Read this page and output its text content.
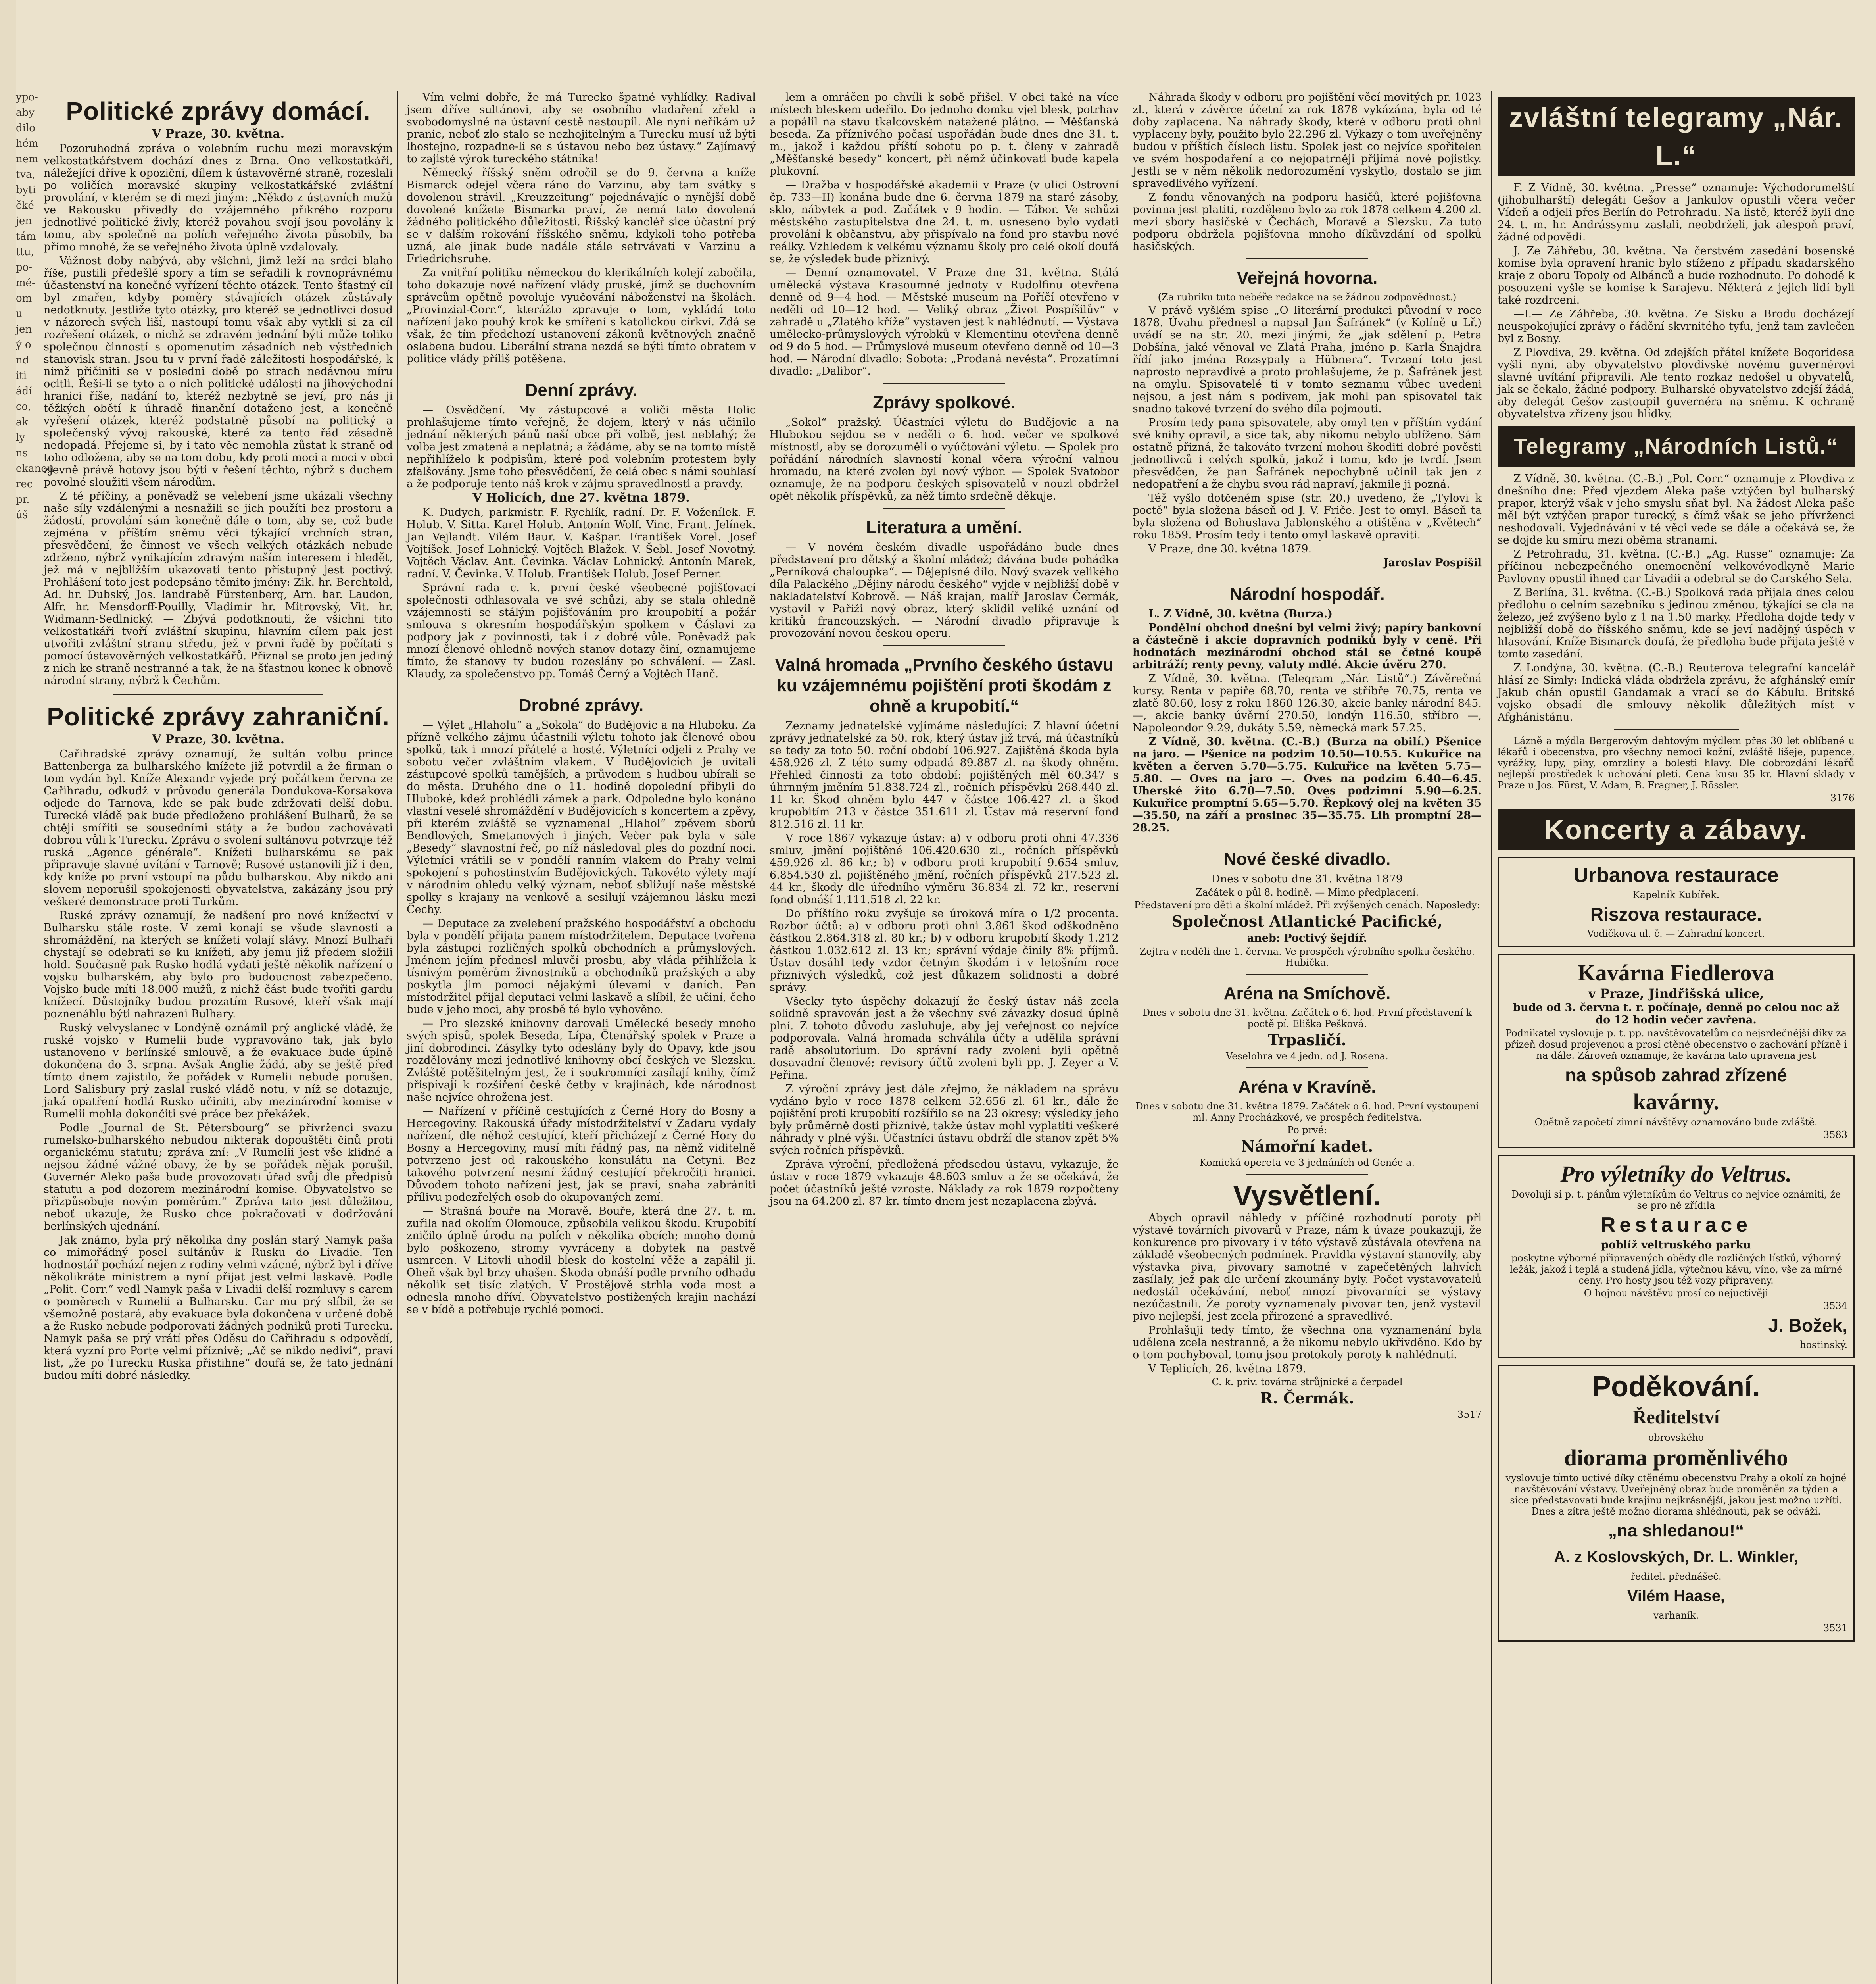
ypo-
aby
dilo
hém
nem
tva,
byti
čké
jen
tám
ttu,
po-
mé-
om
u
jen
ý o
nd
iti
ádí
co,
ak
ly
ns
ekanou
rec
pr.
úš
Politické zprávy domácí.
V Praze, 30. května.

Pozoruhodná zpráva o volebním ruchu mezi moravským velkostatkářstvem dochází dnes z Brna. Ono velkostatkáři, náležející dříve k opoziční, dílem k ústavověrné straně, rozeslali po voličích moravské skupiny velkostatkářské zvláštní provolání, v kterém se di mezi jiným: „Někdo z ústavních mužů ve Rakousku přivedly do vzájemného přikrého rozporu jednotlivé politické živly, kteréž povahou svojí jsou povolány k tomu, aby společně na polích veřejného života působily, ba přímo mnohé, že se veřejného života úplně vzdalovaly.

Vážnost doby nabývá, aby všichni, jimž leží na srdci blaho říše, pustili předešlé spory a tím se seřadili k rovnoprávnému účastenství na konečné vyřízení těchto otázek. Tento šťastný cíl byl zmařen, kdyby poměry stávajících otázek zůstávaly nedotknuty. Jestliže tyto otázky, pro kteréž se jednotlivci dosud v názorech svých liší, nastoupí tomu však aby vytkli si za cíl rozřešení otázek, o nichž se zdravém jednání býti může toliko společnou činností s opomenutím zásadních neb výstředních stanovisk stran. Jsou tu v první řadě záležitosti hospodářské, k nimž přičiniti se v posledni době po strach nedávnou míru ocitli. Řeší-li se tyto a o nich politické události na jihovýchodní hranici říše, nadání to, kteréž nezbytně se jeví, pro nás ji těžkých obětí k úhradě finanční dotaženo jest, a konečně vyřešení otázek, kteréž podstatně působí na politický a společenský vývoj rakouské, které za tento řád zásadně nedopadá. Přejeme si, by i tato věc nemohla zůstat k straně od toho odložena, aby se na tom dobu, kdy proti moci a moci v obci zjevně právě hotovy jsou býti v řešení těchto, nýbrž s duchem povolné sloužiti všem národům.

Z té příčiny, a poněvadž se velebení jsme ukázali všechny naše síly vzdálenými a nesnažili se jich použíti bez prostoru a žádostí, provolání sám konečně dále o tom, aby se, což bude zejména v příštím sněmu věci týkající vrchních stran, přesvědčení, že činnost ve všech velkých otázkách nebude zdrženo, nýbrž vynikajícím zdravým naším interesem i hledět, jež má v nejbližším ukazovati tento přístupný jest poctivý. Prohlášení toto jest podepsáno těmito jmény: Zik. hr. Berchtold, Ad. hr. Dubský, Jos. landrabě Fürstenberg, Arn. bar. Laudon, Alfr. hr. Mensdorff-Pouilly, Vladimír hr. Mitrovský, Vit. hr. Widmann-Sedlnický. — Zbývá podotknouti, že všichni tito velkostatkáři tvoří zvláštní skupinu, hlavním cílem pak jest utvořiti zvláštní stranu středu, jež v prvni řadě by počítati s pomocí ústavověrných velkostatkářů. Přiznal se proto jen jediný z nich ke straně nestranné a tak, že na šťastnou konec k obnově národní strany, nýbrž k Čechům.

Politické zprávy zahraniční.
V Praze, 30. května.

Cařihradské zprávy oznamují, že sultán volbu prince Battenberga za bulharského knížete již potvrdil a že firman o tom vydán byl. Kníže Alexandr vyjede prý počátkem června ze Cařihradu, odkudž v průvodu generála Dondukova-Korsakova odjede do Tarnova, kde se pak bude zdržovati delší dobu. Turecké vládě pak bude předloženo prohlášení Bulharů, že se chtějí smířiti se sousedními státy a že budou zachovávati dobrou vůli k Turecku. Zprávu o svolení sultánovu potvrzuje též ruská „Agence générale“. Knížeti bulharskému se pak připravuje slavné uvítání v Tarnově; Rusové ustanovili již i den, kdy kníže po první vstoupí na půdu bulharskou. Aby nikdo ani slovem neporušil spokojenosti obyvatelstva, zakázány jsou prý veškeré demonstrace proti Turkům.

Ruské zprávy oznamují, že nadšení pro nové knížectví v Bulharsku stále roste. V zemi konají se všude slavnosti a shromáždění, na kterých se knížeti volají slávy. Mnozí Bulhaři chystají se odebrati se ku knížeti, aby jemu již předem složili hold. Současně pak Rusko hodlá vydati ještě několik nařízení o vojsku bulharském, aby bylo pro budoucnost zabezpečeno. Vojsko bude míti 18.000 mužů, z nichž část bude tvořiti gardu knížecí. Důstojníky budou prozatím Rusové, kteří však mají poznenáhlu býti nahrazeni Bulhary.

Ruský velvyslanec v Londýně oznámil prý anglické vládě, že ruské vojsko v Rumelii bude vypravováno tak, jak bylo ustanoveno v berlínské smlouvě, a že evakuace bude úplně dokončena do 3. srpna. Avšak Anglie žádá, aby se ještě před tímto dnem zajistilo, že pořádek v Rumelii nebude porušen. Lord Salisbury prý zaslal ruské vládě notu, v níž se dotazuje, jaká opatření hodlá Rusko učiniti, aby mezinárodní komise v Rumelii mohla dokončiti své práce bez překážek.

Podle „Journal de St. Pétersbourg“ se přívrženci svazu rumelsko-bulharského nebudou nikterak dopouštěti činů proti organickému statutu; zpráva zní: „V Rumelii jest vše klidné a nejsou žádné vážné obavy, že by se pořádek nějak porušil. Guvernér Aleko paša bude provozovati úřad svůj dle předpisů statutu a pod dozorem mezinárodní komise. Obyvatelstvo se přizpůsobuje novým poměrům.“ Zpráva tato jest důležitou, neboť ukazuje, že Rusko chce pokračovati v dodržování berlínských ujednání.

Jak známo, byla prý několika dny poslán starý Namyk paša co mimořádný posel sultánův k Rusku do Livadie. Ten hodnostář pochází nejen z rodiny velmi vzácné, nýbrž byl i dříve několikráte ministrem a nyní přijat jest velmi laskavě. Podle „Polit. Corr.“ vedl Namyk paša v Livadii delší rozmluvy s carem o poměrech v Rumelii a Bulharsku. Car mu prý slíbil, že se všemožně postará, aby evakuace byla dokončena v určené době a že Rusko nebude podporovati žádných podniků proti Turecku. Namyk paša se prý vrátí přes Oděsu do Cařihradu s odpovědí, která vyzní pro Porte velmi příznivě; „Ač se nikdo nedivi“, praví list, „že po Turecku Ruska přistihne“ doufá se, že tato jednání budou míti dobré následky.

Vím velmi dobře, že má Turecko špatné vyhlídky. Radival jsem dříve sultánovi, aby se osobního vladaření zřekl a svobodomyslné na ústavní cestě nastoupil. Ale nyní neříkám už pranic, neboť zlo stalo se nezhojitelným a Turecku musí už býti lhostejno, rozpadne-li se s ústavou nebo bez ústavy.“ Zajímavý to zajisté výrok tureckého státníka!

Německý říšský sněm odročil se do 9. června a kníže Bismarck odejel včera ráno do Varzinu, aby tam svátky s dovolenou strávil. „Kreuzzeitung“ pojednávajíc o nynější době dovolené knížete Bismarka praví, že nemá tato dovolená žádného politického důležitosti. Říšský kancléř sice účastní prý se v dalším rokování říšského sněmu, kdykoli toho potřeba uzná, ale jinak bude nadále stále setrvávati v Varzinu a Friedrichsruhe.

Za vnitřní politiku německou do klerikálních kolejí zabočila, toho dokazuje nové nařízení vlády pruské, jímž se duchovním správcům opětně povoluje vyučování náboženství na školách. „Provinzial-Corr.“, kterážto zpravuje o tom, vykládá toto nařízení jako pouhý krok ke smíření s katolickou církví. Zdá se však, že tím předchozí ustanovení zákonů květnových značně oslabena budou. Liberální strana nezdá se býti tímto obratem v politice vlády příliš potěšena.

Denní zprávy.

— Osvědčení. My zástupcové a voliči města Holic prohlašujeme tímto veřejně, že dojem, který v nás učinilo jednání některých pánů naší obce při volbě, jest neblahý; že volba jest zmatená a neplatná; a žádáme, aby se na tomto místě nepřihlíželo k podpisům, které pod volebním protestem byly zfalšovány. Jsme toho přesvědčení, že celá obec s námi souhlasí a že podporuje tento náš krok v zájmu spravedlnosti a pravdy.

V Holicích, dne 27. května 1879.

K. Dudych, parkmistr. F. Rychlík, radní. Dr. F. Voženílek. F. Holub. V. Sitta. Karel Holub. Antonín Wolf. Vinc. Frant. Jelínek. Jan Vejlandt. Vilém Baur. V. Kašpar. František Vorel. Josef Vojtíšek. Josef Lohnický. Vojtěch Blažek. V. Šebl. Josef Novotný. Vojtěch Václav. Ant. Čevinka. Václav Lohnický. Antonín Marek, radní. V. Čevinka. V. Holub. František Holub. Josef Perner.

Správní rada c. k. první české všeobecné pojišťovací společnosti odhlasovala ve své schůzi, aby se stala ohledně vzájemnosti se stálým pojišťováním pro kroupobití a požár smlouva s okresním hospodářským spolkem v Čáslavi za podpory jak z povinnosti, tak i z dobré vůle. Poněvadž pak mnozí členové ohledně nových stanov dotazy činí, oznamujeme tímto, že stanovy ty budou rozeslány po schválení. — Zasl. Klaudy, za společenstvo pp. Tomáš Černý a Vojtěch Hanč.

Drobné zprávy.

— Výlet „Hlaholu“ a „Sokola“ do Budějovic a na Hluboku. Za přízně velkého zájmu účastnili výletu tohoto jak členové obou spolků, tak i mnozí přátelé a hosté. Výletníci odjeli z Prahy ve sobotu večer zvláštním vlakem. V Budějovicích je uvítali zástupcové spolků tamějších, a průvodem s hudbou ubírali se do města. Druhého dne o 11. hodině dopolední přibyli do Hluboké, kdež prohlédli zámek a park. Odpoledne bylo konáno vlastní veselé shromáždění v Budějovicích s koncertem a zpěvy, při kterém zvláště se vyznamenal „Hlahol“ zpěvem sborů Bendlových, Smetanových i jiných. Večer pak byla v sále „Besedy“ slavnostní řeč, po níž následoval ples do pozdní noci. Výletníci vrátili se v pondělí ranním vlakem do Prahy velmi spokojení s pohostinstvím Budějovických. Takovéto výlety mají v národním ohledu velký význam, neboť sbližují naše městské spolky s krajany na venkově a sesilují vzájemnou lásku mezi Čechy.

— Deputace za zvelebení pražského hospodářství a obchodu byla v pondělí přijata panem místodržitelem. Deputace tvořena byla zástupci rozličných spolků obchodních a průmyslových. Jménem jejím přednesl mluvčí prosbu, aby vláda přihlížela k tísnivým poměrům živnostníků a obchodníků pražských a aby poskytla jim pomoci nějakými úlevami v daních. Pan místodržitel přijal deputaci velmi laskavě a slíbil, že učiní, čeho bude v jeho moci, aby prosbě té bylo vyhověno.

— Pro slezské knihovny darovali Umělecké besedy mnoho svých spisů, spolek Beseda, Lípa, Čtenářský spolek v Praze a jiní dobrodinci. Zásylky tyto odeslány byly do Opavy, kde jsou rozdělovány mezi jednotlivé knihovny obcí českých ve Slezsku. Zvláště potěšitelným jest, že i soukromníci zasílají knihy, čímž přispívají k rozšíření české četby v krajinách, kde národnost naše nejvíce ohrožena jest.

— Nařízení v příčině cestujících z Černé Hory do Bosny a Hercegoviny. Rakouská úřady místodržitelství v Zadaru vydaly nařízení, dle něhož cestující, kteří přicházejí z Černé Hory do Bosny a Hercegoviny, musí míti řádný pas, na němž viditelně potvrzeno jest od rakouského konsulátu na Cetyni. Bez takového potvrzení nesmí žádný cestující překročiti hranici. Důvodem tohoto nařízení jest, jak se praví, snaha zabrániti přílivu podezřelých osob do okupovaných zemí.

— Strašná bouře na Moravě. Bouře, která dne 27. t. m. zuřila nad okolím Olomouce, způsobila velikou škodu. Krupobití zničilo úplně úrodu na polích v několika obcích; mnoho domů bylo poškozeno, stromy vyvráceny a dobytek na pastvě usmrcen. V Litovli uhodil blesk do kostelní věže a zapálil ji. Oheň však byl brzy uhašen. Škoda obnáší podle prvního odhadu několik set tisíc zlatých. V Prostějově strhla voda most a odnesla mnoho dříví. Obyvatelstvo postižených krajin nachází se v bídě a potřebuje rychlé pomoci.

lem a omráčen po chvíli k sobě přišel. V obci také na více místech bleskem udeřilo. Do jednoho domku vjel blesk, potrhav a popálil na stavu tkalcovském natažené plátno. — Měšťanská beseda. Za příznivého počasí uspořádán bude dnes dne 31. t. m., jakož i každou příští sobotu po p. t. členy v zahradě „Měšťanské besedy“ koncert, při němž účinkovati bude kapela plukovní.

— Dražba v hospodářské akademii v Praze (v ulici Ostrovní čp. 733—II) konána bude dne 6. června 1879 na staré zásoby, sklo, nábytek a pod. Začátek v 9 hodin. — Tábor. Ve schůzi městského zastupitelstva dne 24. t. m. usneseno bylo vydati provolání k občanstvu, aby přispívalo na fond pro stavbu nové reálky. Vzhledem k velkému významu školy pro celé okolí doufá se, že výsledek bude příznivý.

— Denní oznamovatel. V Praze dne 31. května. Stálá umělecká výstava Krasoumné jednoty v Rudolfinu otevřena denně od 9—4 hod. — Městské museum na Poříčí otevřeno v neděli od 10—12 hod. — Veliký obraz „Život Pospíšilův“ v zahradě u „Zlatého kříže“ vystaven jest k nahlédnutí. — Výstava umělecko-průmyslových výrobků v Klementinu otevřena denně od 9 do 5 hod. — Průmyslové museum otevřeno denně od 10—3 hod. — Národní divadlo: Sobota: „Prodaná nevěsta“. Prozatímní divadlo: „Dalibor“.

Zprávy spolkové.

„Sokol“ pražský. Účastníci výletu do Budějovic a na Hlubokou sejdou se v neděli o 6. hod. večer ve spolkové místnosti, aby se dorozuměli o vyúčtování výletu. — Spolek pro pořádání národních slavností konal včera výroční valnou hromadu, na které zvolen byl nový výbor. — Spolek Svatobor oznamuje, že na podporu českých spisovatelů v nouzi obdržel opět několik příspěvků, za něž tímto srdečně děkuje.

Literatura a umění.

— V novém českém divadle uspořádáno bude dnes představení pro dětský a školní mládež; dávána bude pohádka „Perníková chaloupka“. — Dějepisné dílo. Nový svazek velikého díla Palackého „Dějiny národu českého“ vyjde v nejbližší době v nakladatelství Kobrově. — Náš krajan, malíř Jaroslav Čermák, vystavil v Paříži nový obraz, který sklidil veliké uznání od kritiků francouzských. — Národní divadlo připravuje k provozování novou českou operu.

Valná hromada „Prvního českého ústavu ku vzájemnému pojištění proti škodám z ohně a krupobití.“

Zeznamy jednatelské vyjímáme následující: Z hlavní účetní zprávy jednatelské za 50. rok, který ústav již trvá, má účastníků se tedy za toto 50. roční období 106.927. Zajištěná škoda byla 458.926 zl. Z této sumy odpadá 89.887 zl. na škody ohněm. Přehled činnosti za toto období: pojištěných měl 60.347 s úhrnným jměním 51.838.724 zl., ročních příspěvků 268.440 zl. 11 kr. Škod ohněm bylo 447 v částce 106.427 zl. a škod krupobitím 213 v částce 351.611 zl. Ústav má reservní fond 812.516 zl. 11 kr.

V roce 1867 vykazuje ústav: a) v odboru proti ohni 47.336 smluv, jmění pojištěné 106.420.630 zl., ročních příspěvků 459.926 zl. 86 kr.; b) v odboru proti krupobití 9.654 smluv, 6.854.530 zl. pojištěného jmění, ročních příspěvků 217.523 zl. 44 kr., škody dle úředního výměru 36.834 zl. 72 kr., reservní fond obnáší 1.111.518 zl. 22 kr.

Do příštího roku zvyšuje se úroková míra o 1/2 procenta. Rozbor účtů: a) v odboru proti ohni 3.861 škod odškodněno částkou 2.864.318 zl. 80 kr.; b) v odboru krupobití škody 1.212 částkou 1.032.612 zl. 13 kr.; správní výdaje činily 8% příjmů. Ústav dosáhl tedy vzdor četným škodám i v letošním roce přiznivých výsledků, což jest důkazem solidnosti a dobré správy.

Všecky tyto úspěchy dokazují že český ústav náš zcela solidně spravován jest a že všechny své závazky dosud úplně plní. Z tohoto důvodu zasluhuje, aby jej veřejnost co nejvíce podporovala. Valná hromada schválila účty a udělila správní radě absolutorium. Do správní rady zvoleni byli opětně dosavadní členové; revisory účtů zvoleni byli pp. J. Zeyer a V. Peřina.

Z výroční zprávy jest dále zřejmo, že nákladem na správu vydáno bylo v roce 1878 celkem 52.656 zl. 61 kr., dále že pojištění proti krupobití rozšířilo se na 23 okresy; výsledky jeho byly průměrně dosti příznivé, takže ústav mohl vyplatiti veškeré náhrady v plné výši. Účastníci ústavu obdrží dle stanov zpět 5% svých ročních příspěvků.

Zpráva výroční, předložená předsedou ústavu, vykazuje, že ústav v roce 1879 vykazuje 48.603 smluv a že se očekává, že počet účastníků ještě vzroste. Náklady za rok 1879 rozpočteny jsou na 64.200 zl. 87 kr. tímto dnem jest nezaplacena zbývá.

Náhrada škody v odboru pro pojištění věcí movitých pr. 1023 zl., která v závěrce účetní za rok 1878 vykázána, byla od té doby zaplacena. Na náhrady škody, které v odboru proti ohni vyplaceny byly, použito bylo 22.296 zl. Výkazy o tom uveřejněny budou v příštích číslech listu. Spolek jest co nejvíce spořitelen ve svém hospodaření a co nejopatrněji přijímá nové pojistky. Jestli se v něm několik nedorozumění vyskytlo, dostalo se jim spravedlivého vyřízení.

Z fondu věnovaných na podporu hasičů, které pojišťovna povinna jest platiti, rozděleno bylo za rok 1878 celkem 4.200 zl. mezi sbory hasičské v Čechách, Moravě a Slezsku. Za tuto podporu obdržela pojišťovna mnoho díkůvzdání od spolků hasičských.

Veřejná hovorna.

(Za rubriku tuto nebéře redakce na se žádnou zodpovědnost.)

V právě vyšlém spise „O literární produkci původní v roce 1878. Úvahu přednesl a napsal Jan Šafránek“ (v Kolíně u Lř.) uvádí se na str. 20. mezi jinými, že „jak sdělení p. Petra Dobšína, jaké věnoval ve Zlatá Praha, jméno p. Karla Šnajdra řídí jako jména Rozsypaly a Hübnera“. Tvrzení toto jest naprosto nepravdivé a proto prohlašujeme, že p. Šafránek jest na omylu. Spisovatelé ti v tomto seznamu vůbec uvedeni nejsou, a jest nám s podivem, jak mohl pan spisovatel tak snadno takové tvrzení do svého díla pojmouti.

Prosím tedy pana spisovatele, aby omyl ten v příštím vydání své knihy opravil, a sice tak, aby nikomu nebylo ublíženo. Sám ostatně přizná, že takováto tvrzení mohou škoditi dobré pověsti jednotlivců i celých spolků, jakož i tomu, kdo je tvrdí. Jsem přesvědčen, že pan Šafránek nepochybně učinil tak jen z nedopatření a že chybu svou rád napraví, jakmile ji pozná.

Též vyšlo dotčeném spise (str. 20.) uvedeno, že „Tylovi k poctě“ byla složena báseň od J. V. Friče. Jest to omyl. Báseň ta byla složena od Bohuslava Jablonského a otištěna v „Květech“ roku 1859. Prosím tedy i tento omyl laskavě opraviti.

V Praze, dne 30. května 1879.

Jaroslav Pospíšil

Národní hospodář.

L. Z Vídně, 30. května (Burza.)

Pondělní obchod dnešní byl velmi živý; papíry bankovní a částečně i akcie dopravních podniků byly v ceně. Při hodnotách mezinárodní obchod stál se četné koupě arbitráží; renty pevny, valuty mdlé. Akcie úvěru 270.

Z Vídně, 30. května. (Telegram „Nár. Listů“.) Závěrečná kursy. Renta v papíře 68.70, renta ve stříbře 70.75, renta ve zlatě 80.60, losy z roku 1860 126.30, akcie banky národní 845.—, akcie banky úvěrní 270.50, londýn 116.50, stříbro —, Napoleondor 9.29, dukáty 5.59, německá mark 57.25.

Z Vídně, 30. května. (C.-B.) (Burza na obilí.) Pšenice na jaro. — Pšenice na podzim 10.50—10.55. Kukuřice na květen a červen 5.70—5.75. Kukuřice na květen 5.75—5.80. — Oves na jaro —. Oves na podzim 6.40—6.45. Uherské žito 6.70—7.50. Oves podzimní 5.90—6.25. Kukuřice promptní 5.65—5.70. Řepkový olej na květen 35—35.50, na září a prosinec 35—35.75. Lih promptní 28—28.25.

Nové české divadlo.

Dnes v sobotu dne 31. května 1879

Začátek o půl 8. hodině. — Mimo předplacení.

Představení pro děti a školní mládež. Při zvýšených cenách. Naposledy:

Společnost Atlantické Pacifické,

aneb: Poctivý šejdíř.

Zejtra v neděli dne 1. června. Ve prospěch výrobního spolku českého. Hubička.

Aréna na Smíchově.

Dnes v sobotu dne 31. května. Začátek o 6. hod. První představení k poctě pí. Eliška Pešková.

Trpasličí.

Veselohra ve 4 jedn. od J. Rosena.

Aréna v Kravíně.

Dnes v sobotu dne 31. května 1879. Začátek o 6. hod. První vystoupení ml. Anny Procházkové, ve prospěch ředitelstva.

Po prvé:

Námořní kadet.

Komická opereta ve 3 jednáních od Genée a.

Vysvětlení.

Abych opravil náhledy v příčině rozhodnutí poroty při výstavě továrních pivovarů v Praze, nám k úvaze poukazuji, že konkurence pro pivovary i v této výstavě zůstávala otevřena na základě všeobecných podmínek. Pravidla výstavní stanovily, aby výstavka piva, pivovary samotné v zapečetěných lahvích zasílaly, jež pak dle určení zkoumány byly. Počet vystavovatelů nedostál očekávání, neboť mnozí pivovarníci se výstavy nezúčastnili. Že poroty vyznamenaly pivovar ten, jenž vystavil pivo nejlepší, jest zcela přirozené a spravedlivé.

Prohlašuji tedy tímto, že všechna ona vyznamenání byla udělena zcela nestranně, a že nikomu nebylo ukřivděno. Kdo by o tom pochyboval, tomu jsou protokoly poroty k nahlédnutí.

V Teplicích, 26. května 1879.

C. k. priv. továrna strůjnické a čerpadel

R. Čermák.

3517

zvláštní telegramy „Nár. L.“

F. Z Vídně, 30. května. „Presse“ oznamuje: Východorumelští (jihobulharští) delegáti Gešov a Jankulov opustili včera večer Vídeň a odjeli přes Berlín do Petrohradu. Na listě, kteréž byli dne 24. t. m. hr. Andrássymu zaslali, neobdrželi, jak alespoň praví, žádné odpovědi.

J. Ze Záhřebu, 30. května. Na čerstvém zasedání bosenské komise byla opravení hranic bylo stíženo z případu skadarského kraje z oboru Topoly od Albánců a bude rozhodnuto. Po dohodě k posouzení vyšle se komise k Sarajevu. Některá z jejich lidí byli také rozdrceni.

—I.— Ze Záhřeba, 30. května. Ze Sisku a Brodu docházejí neuspokojující zprávy o řádění skvrnitého tyfu, jenž tam zavlečen byl z Bosny.

Z Plovdiva, 29. května. Od zdejších přátel knížete Bogoridesa vyšli nyní, aby obyvatelstvo plovdivské novému guvernérovi slavné uvítání připravili. Ale tento rozkaz nedošel u obyvatelů, jak se čekalo, žádné podpory. Bulharské obyvatelstvo zdejší žádá, aby delegát Gešov zastoupil guvernéra na sněmu. K ochraně obyvatelstva zřízeny jsou hlídky.

Telegramy „Národních Listů.“

Z Vídně, 30. května. (C.-B.) „Pol. Corr.“ oznamuje z Plovdiva z dnešního dne: Před vjezdem Aleka paše vztýčen byl bulharský prapor, kterýž však v jeho smyslu sňat byl. Na žádost Aleka paše měl být vztýčen prapor turecký, s čímž však se jeho přívrženci neshodovali. Vyjednávání v té věci vede se dále a očekává se, že se dojde ku smíru mezi oběma stranami.

Z Petrohradu, 31. května. (C.-B.) „Ag. Russe“ oznamuje: Za příčinou nebezpečného onemocnění velkovévodkyně Marie Pavlovny opustil ihned car Livadii a odebral se do Carského Sela.

Z Berlína, 31. května. (C.-B.) Spolková rada přijala dnes celou předlohu o celním sazebníku s jedinou změnou, týkající se cla na železo, jež zvýšeno bylo z 1 na 1.50 marky. Předloha dojde tedy v nejbližší době do říšského sněmu, kde se jeví nadějný úspěch v hlasování. Kníže Bismarck doufá, že předloha bude přijata ještě v tomto zasedání.

Z Londýna, 30. května. (C.-B.) Reuterova telegrafní kancelář hlásí ze Simly: Indická vláda obdržela zprávu, že afghánský emír Jakub chán opustil Gandamak a vrací se do Kábulu. Britské vojsko obsadí dle smlouvy několik důležitých míst v Afghánistánu.

Lázně a mýdla Bergerovým dehtovým mýdlem přes 30 let oblíbené u lékařů i obecenstva, pro všechny nemoci kožní, zvláště lišeje, pupence, vyrážky, lupy, pihy, omrzliny a bolesti hlavy. Dle dobrozdání lékařů nejlepší prostředek k uchování pleti. Cena kusu 35 kr. Hlavní sklady v Praze u Jos. Fürst, V. Adam, B. Fragner, J. Rössler.

3176

Koncerty a zábavy.

Urbanova restaurace

Kapelník Kubířek.

Riszova restaurace.

Vodičkova ul. č. — Zahradní koncert.

Kavárna Fiedlerova

v Praze, Jindřišská ulice,

bude od 3. června t. r. počínaje, denně po celou noc až do 12 hodin večer zavřena.

Podnikatel vyslovuje p. t. pp. navštěvovatelům co nejsrdečnější díky za přízeň dosud projevenou a prosí ctěné obecenstvo o zachování přízně i na dále. Zároveň oznamuje, že kavárna tato upravena jest

na spůsob zahrad zřízené

kavárny.

Opětně započetí zimní návštěvy oznamováno bude zvláště.

3583

Pro výletníky do Veltrus.

Dovoluji si p. t. pánům výletníkům do Veltrus co nejvíce oznámiti, že se pro ně zřídila

Restaurace

poblíž veltruského parku

poskytne výborné připravených obědy dle rozličných lístků, výborný ležák, jakož i teplá a studená jídla, výtečnou kávu, víno, vše za mírné ceny. Pro hosty jsou též vozy připraveny.

O hojnou návštěvu prosí co nejuctivěji

3534

J. Božek,

hostinský.

Poděkování.

Ředitelství

obrovského

diorama proměnlivého

vyslovuje tímto uctivé díky ctěnému obecenstvu Prahy a okolí za hojné navštěvování výstavy. Uveřejněný obraz bude proměněn za týden a sice představovati bude krajinu nejkrásnější, jakou jest možno uzříti. Dnes a zítra ještě možno diorama shlédnouti, pak se odváží.

„na shledanou!“

A. z Koslovských, Dr. L. Winkler,

ředitel. přednášeč.

Vilém Haase,

varhaník.

3531
